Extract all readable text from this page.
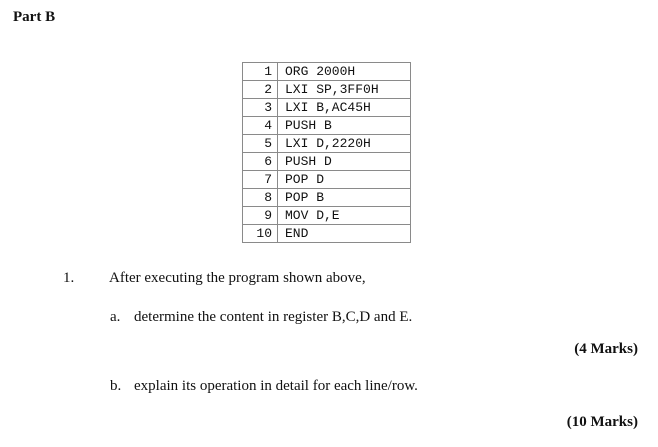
Part B
1	ORG 2000H
2	LXI SP,3FF0H
3	LXI B,AC45H
4	PUSH B
5	LXI D,2220H
6	PUSH D
7	POP D
8	POP B
9	MOV D,E
10	END
1. After executing the program shown above,
a. determine the content in register B,C,D and E.
(4 Marks)
b. explain its operation in detail for each line/row.
(10 Marks)
